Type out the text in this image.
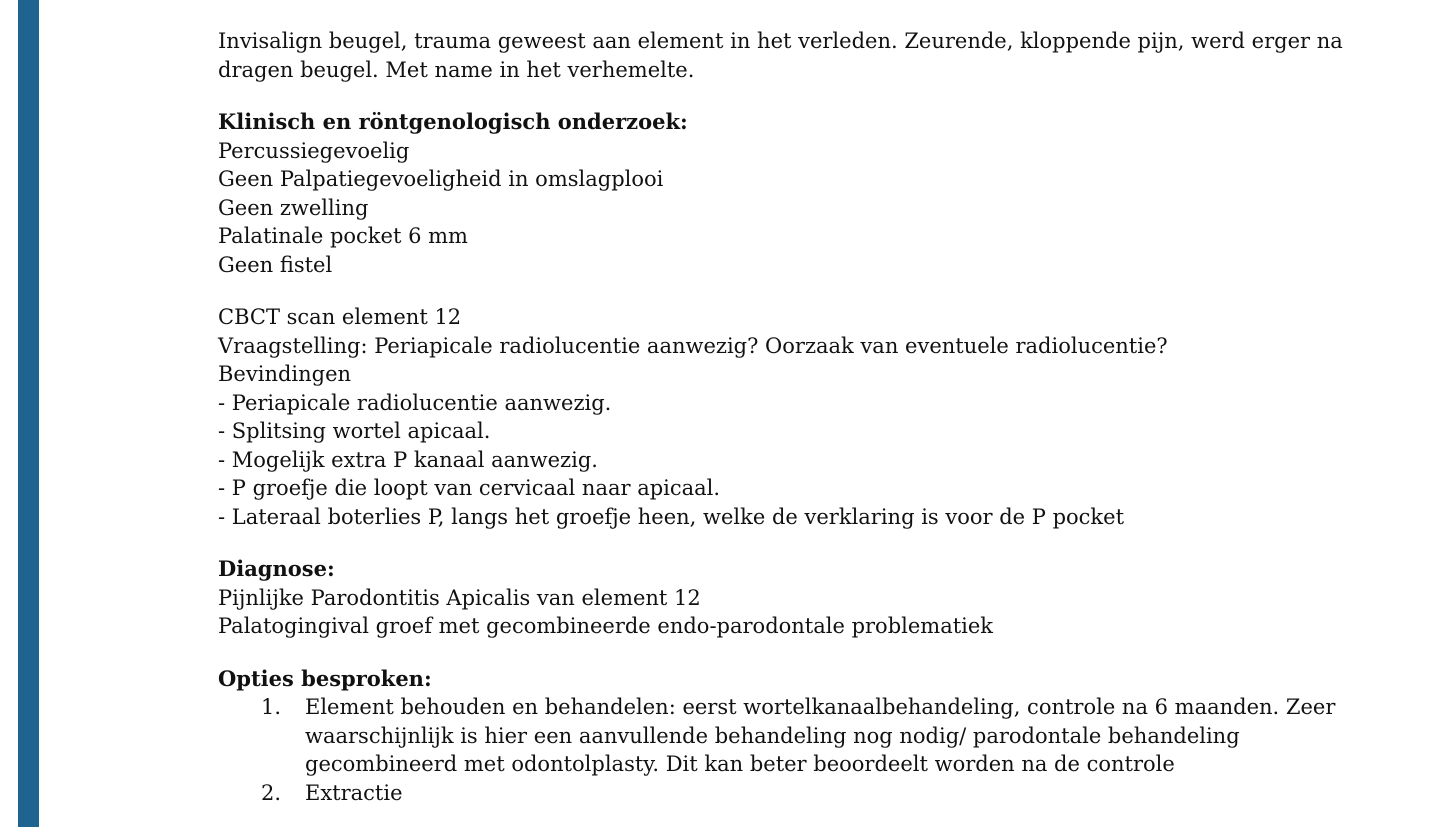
Invisalign beugel, trauma geweest aan element in het verleden. Zeurende, kloppende pijn, werd erger na

dragen beugel. Met name in het verhemelte.

Klinisch en röntgenologisch onderzoek:

Percussiegevoelig

Geen Palpatiegevoeligheid in omslagplooi

Geen zwelling

Palatinale pocket 6 mm

Geen fistel

CBCT scan element 12

Vraagstelling: Periapicale radiolucentie aanwezig? Oorzaak van eventuele radiolucentie?

Bevindingen

- Periapicale radiolucentie aanwezig.

- Splitsing wortel apicaal.

- Mogelijk extra P kanaal aanwezig.

- P groefje die loopt van cervicaal naar apicaal.

- Lateraal boterlies P, langs het groefje heen, welke de verklaring is voor de P pocket

Diagnose:

Pijnlijke Parodontitis Apicalis van element 12

Palatogingival groef met gecombineerde endo-parodontale problematiek

Opties besproken:

1. Element behouden en behandelen: eerst wortelkanaalbehandeling, controle na 6 maanden. Zeer
waarschijnlijk is hier een aanvullende behandeling nog nodig/ parodontale behandeling
gecombineerd met odontolplasty. Dit kan beter beoordeelt worden na de controle
2. Extractie
